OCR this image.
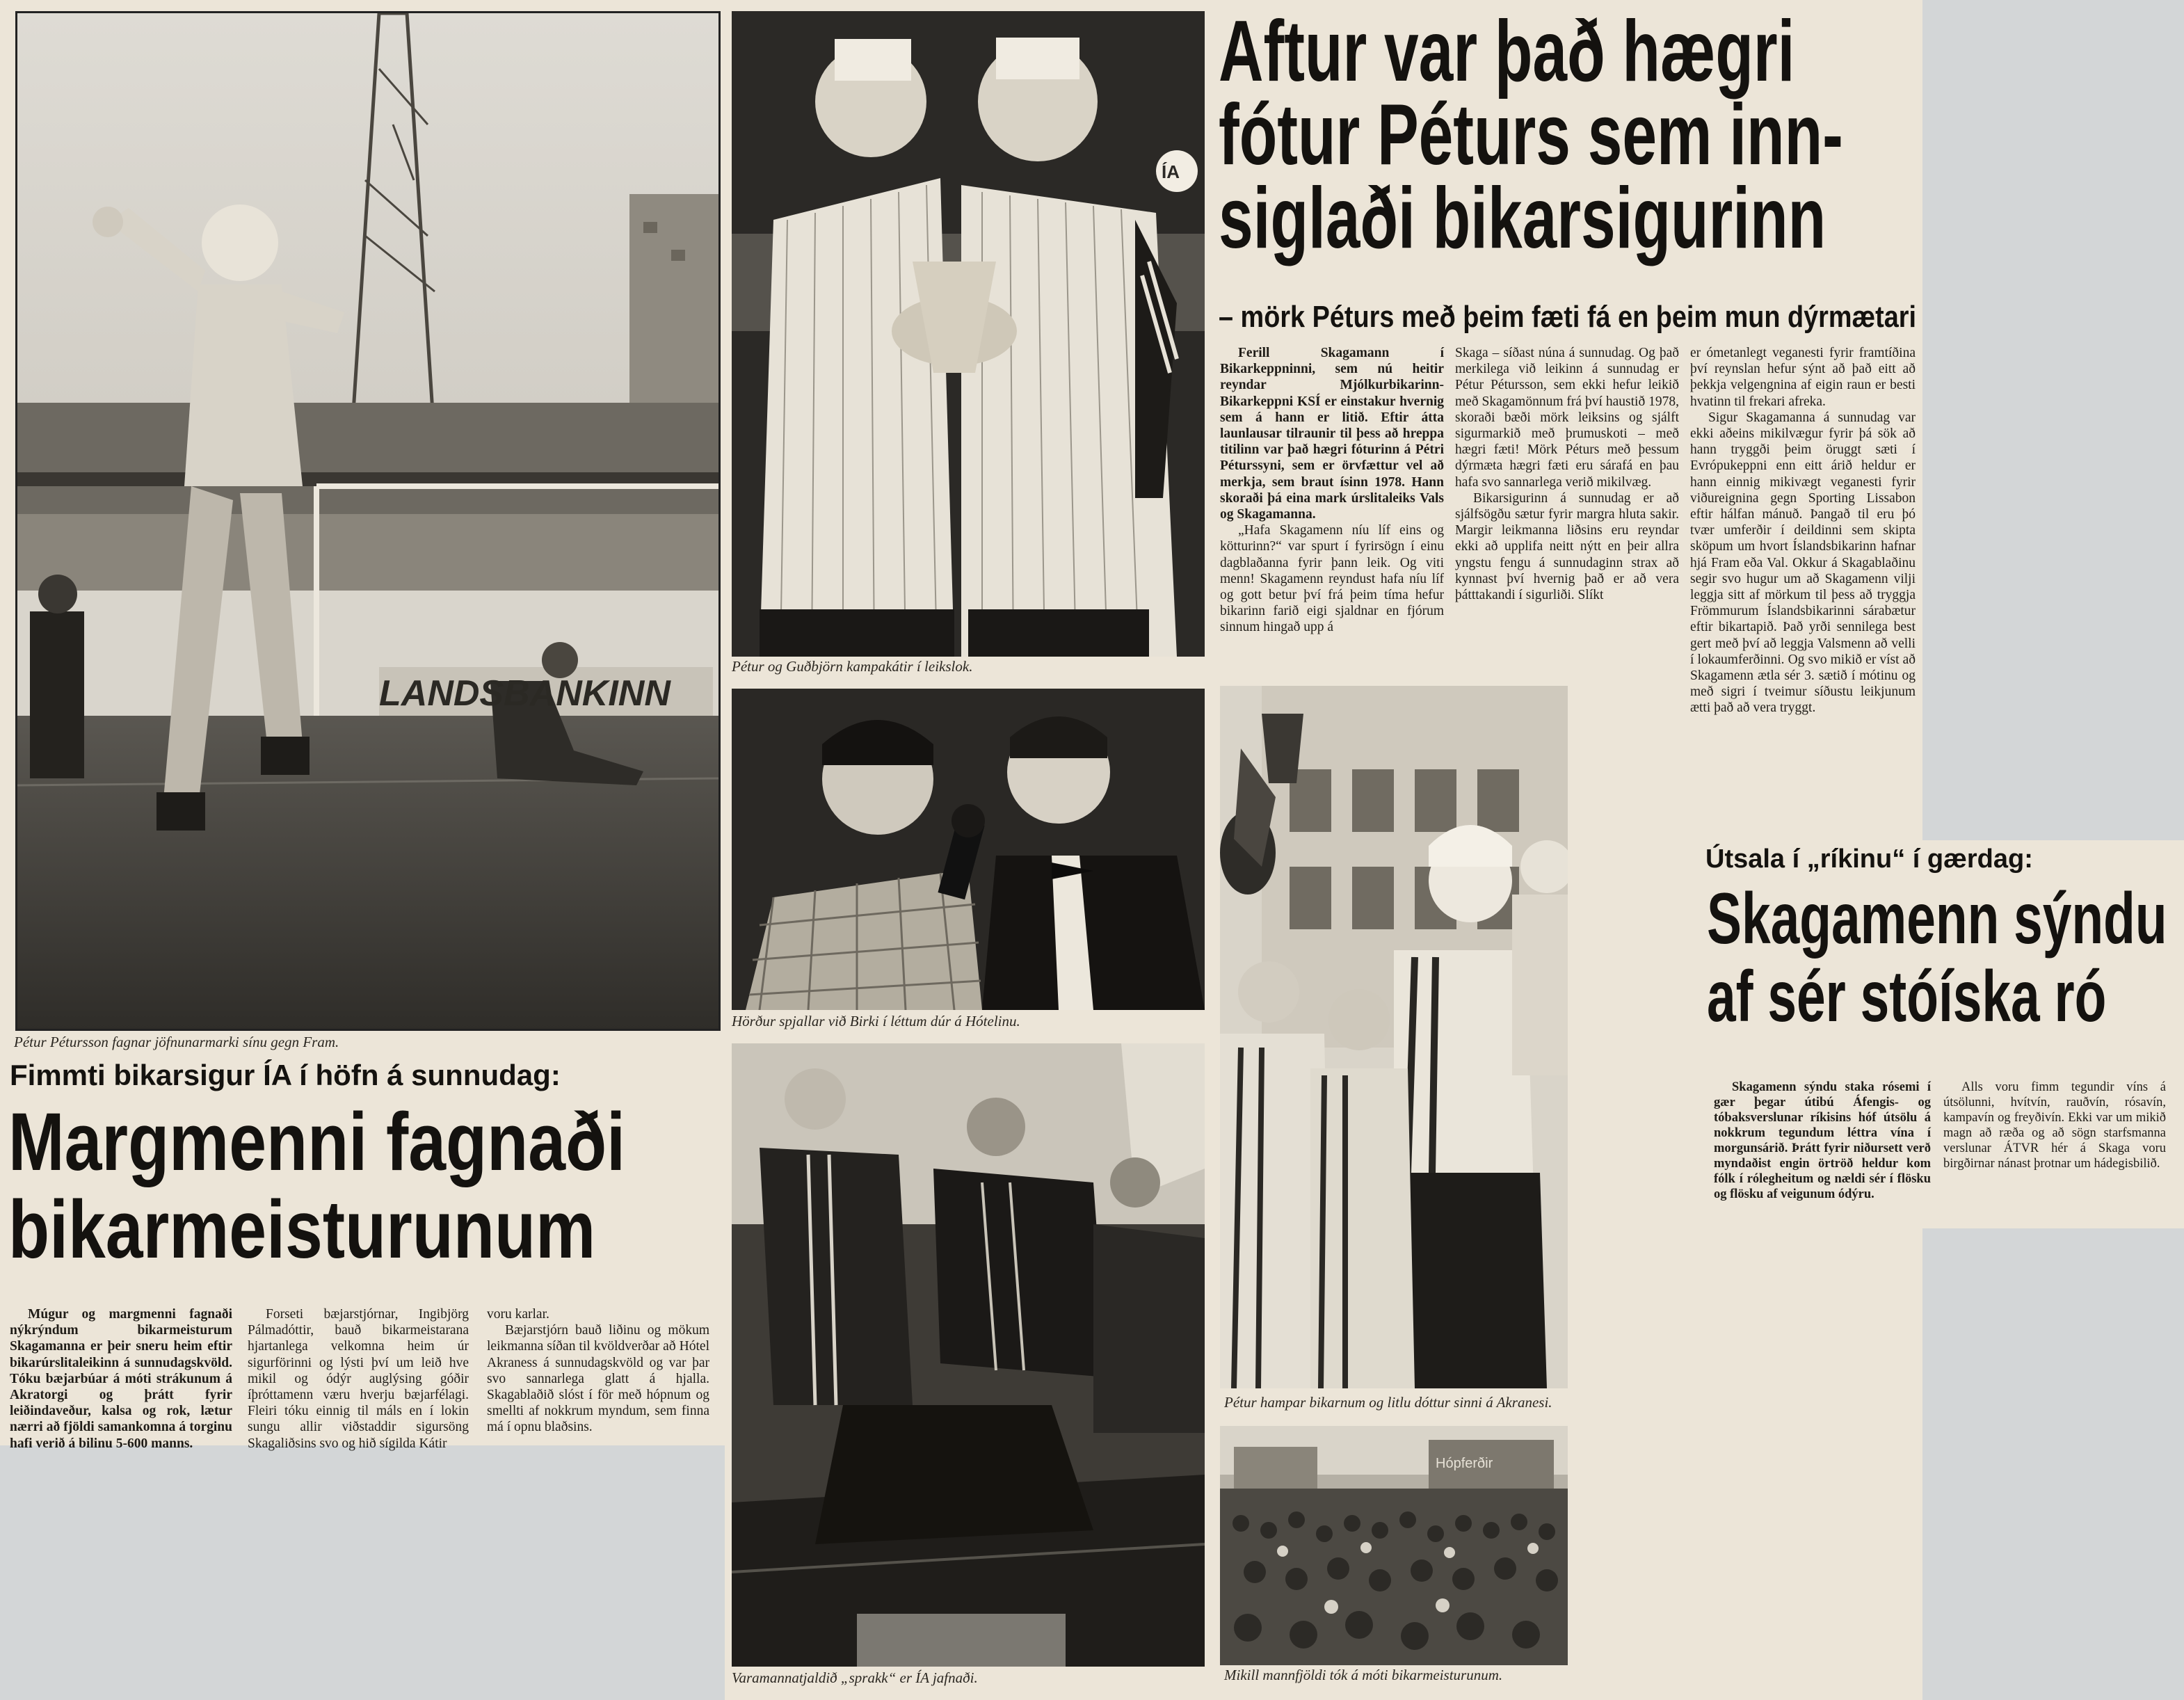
LANDSBANKINN
Pétur Pétursson fagnar jöfnunarmarki sínu gegn Fram.
Fimmti bikarsigur ÍA í höfn á sunnudag:
Margmenni fagnaði
bikarmeisturunum

Múgur og margmenni fagnaði nýkrýndum bikarmeisturum Skagamanna er þeir sneru heim eftir bikarúrslitaleikinn á sunnudagskvöld. Tóku bæjarbúar á móti strákunum á Akratorgi og þrátt fyrir leiðindaveður, kalsa og rok, lætur nærri að fjöldi samankomna á torginu hafi verið á bilinu 5-600 manns.

Forseti bæjarstjórnar, Ingibjörg Pálmadóttir, bauð bikarmeistarana hjartanlega velkomna heim úr sigurförinni og lýsti því um leið hve mikil og ódýr auglýsing góðir íþróttamenn væru hverju bæjarfélagi. Fleiri tóku einnig til máls en í lokin sungu allir viðstaddir sigursöng Skagaliðsins svo og hið sígilda Kátir

voru karlar.

Bæjarstjórn bauð liðinu og mökum leikmanna síðan til kvöldverðar að Hótel Akraness á sunnudagskvöld og var þar svo sannarlega glatt á hjalla. Skagablaðið slóst í för með hópnum og smellti af nokkrum myndum, sem finna má í opnu blaðsins.

ÍA
Pétur og Guðbjörn kampakátir í leikslok.
Aftur var það hægri
fótur Péturs sem inn-
siglaði bikarsigurinn
– mörk Péturs með þeim fæti fá en þeim mun dýrmætari

Ferill Skagamann í Bikarkeppninni, sem nú heitir reyndar Mjólkurbikarinn-Bikarkeppni KSÍ er einstakur hvernig sem á hann er litið. Eftir átta launlausar tilraunir til þess að hreppa titilinn var það hægri fóturinn á Pétri Péturssyni, sem er örvfættur vel að merkja, sem braut ísinn 1978. Hann skoraði þá eina mark úrslitaleiks Vals og Skagamanna.

„Hafa Skagamenn níu líf eins og kötturinn?“ var spurt í fyrirsögn í einu dagblaðanna fyrir þann leik. Og viti menn! Skagamenn reyndust hafa níu líf og gott betur því frá þeim tíma hefur bikarinn farið eigi sjaldnar en fjórum sinnum hingað upp á

Skaga – síðast núna á sunnudag. Og það merkilega við leikinn á sunnudag er Pétur Pétursson, sem ekki hefur leikið með Skagamönnum frá því haustið 1978, skoraði bæði mörk leiksins og sjálft sigurmarkið með þrumuskoti – með hægri fæti! Mörk Péturs með þessum dýrmæta hægri fæti eru sárafá en þau hafa svo sannarlega verið mikilvæg.

Bikarsigurinn á sunnudag er að sjálfsögðu sætur fyrir margra hluta sakir. Margir leikmanna liðsins eru reyndar ekki að upplifa neitt nýtt en þeir allra yngstu fengu á sunnudaginn strax að kynnast því hvernig það er að vera þátttakandi í sigurliði. Slíkt

er ómetanlegt veganesti fyrir framtíðina því reynslan hefur sýnt að það eitt að þekkja velgengnina af eigin raun er besti hvatinn til frekari afreka.

Sigur Skagamanna á sunnudag var ekki aðeins mikilvægur fyrir þá sök að hann tryggði þeim öruggt sæti í Evrópukeppni enn eitt árið heldur er hann einnig mikivægt veganesti fyrir viðureignina gegn Sporting Lissabon eftir hálfan mánuð. Þangað til eru þó tvær umferðir í deildinni sem skipta sköpum um hvort Íslandsbikarinn hafnar hjá Fram eða Val. Okkur á Skagablaðinu segir svo hugur um að Skagamenn vilji leggja sitt af mörkum til þess að tryggja Frömmurum Íslandsbikarinni sárabætur eftir bikartapið. Það yrði sennilega best gert með því að leggja Valsmenn að velli í lokaumferðinni. Og svo mikið er víst að Skagamenn ætla sér 3. sætið í mótinu og með sigri í tveimur síðustu leikjunum ætti það að vera tryggt.

Hörður spjallar við Birki í léttum dúr á Hótelinu.
Varamannatjaldið „sprakk“ er ÍA jafnaði.
Pétur hampar bikarnum og litlu dóttur sinni á Akranesi.
Hópferðir
Mikill mannfjöldi tók á móti bikarmeisturunum.
Útsala í „ríkinu“ í gærdag:
Skagamenn sýndu
af sér stóíska ró

Skagamenn sýndu staka rósemi í gær þegar útibú Áfengis- og tóbaksverslunar ríkisins hóf útsölu á nokkrum tegundum léttra vína í morgunsárið. Þrátt fyrir niðursett verð myndaðist engin örtröð heldur kom fólk í rólegheitum og nældi sér í flösku og flösku af veigunum ódýru.

Alls voru fimm tegundir víns á útsölunni, hvítvín, rauðvín, rósavín, kampavín og freyðivín. Ekki var um mikið magn að ræða og að sögn starfsmanna verslunar ÁTVR hér á Skaga voru birgðirnar nánast þrotnar um hádegisbilið.
